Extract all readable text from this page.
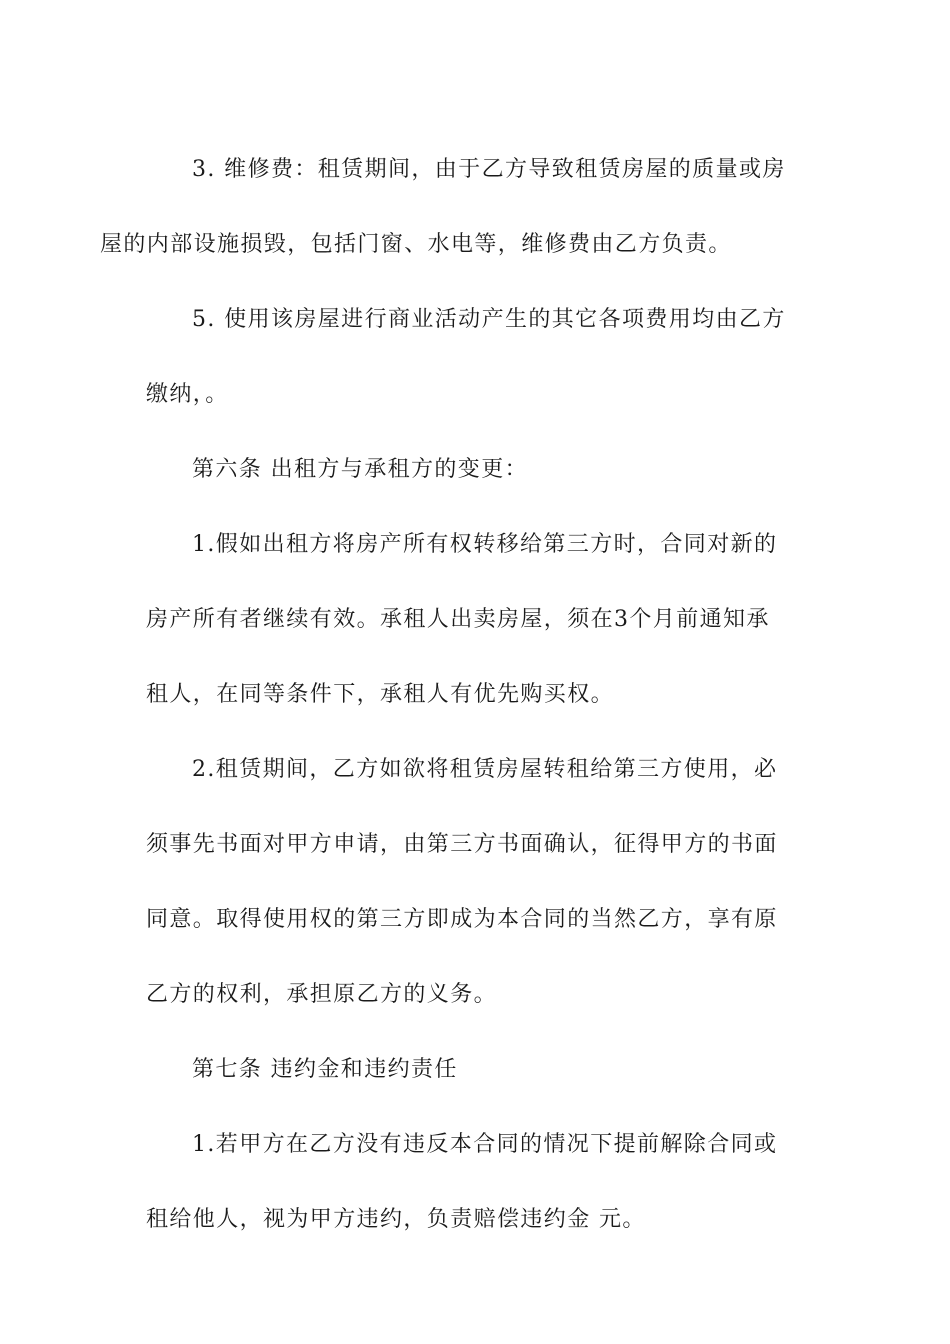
3. 维修费：租赁期间，由于乙方导致租赁房屋的质量或房
屋的内部设施损毁，包括门窗、水电等，维修费由乙方负责。

5. 使用该房屋进行商业活动产生的其它各项费用均由乙方
缴纳，。

第六条 出租方与承租方的变更：

1.假如出租方将房产所有权转移给第三方时，合同对新的
房产所有者继续有效。承租人出卖房屋，须在3个月前通知承
租人，在同等条件下，承租人有优先购买权。

2.租赁期间，乙方如欲将租赁房屋转租给第三方使用，必
须事先书面对甲方申请，由第三方书面确认，征得甲方的书面
同意。取得使用权的第三方即成为本合同的当然乙方，享有原
乙方的权利，承担原乙方的义务。

第七条 违约金和违约责任

1.若甲方在乙方没有违反本合同的情况下提前解除合同或
租给他人，视为甲方违约，负责赔偿违约金 元。
